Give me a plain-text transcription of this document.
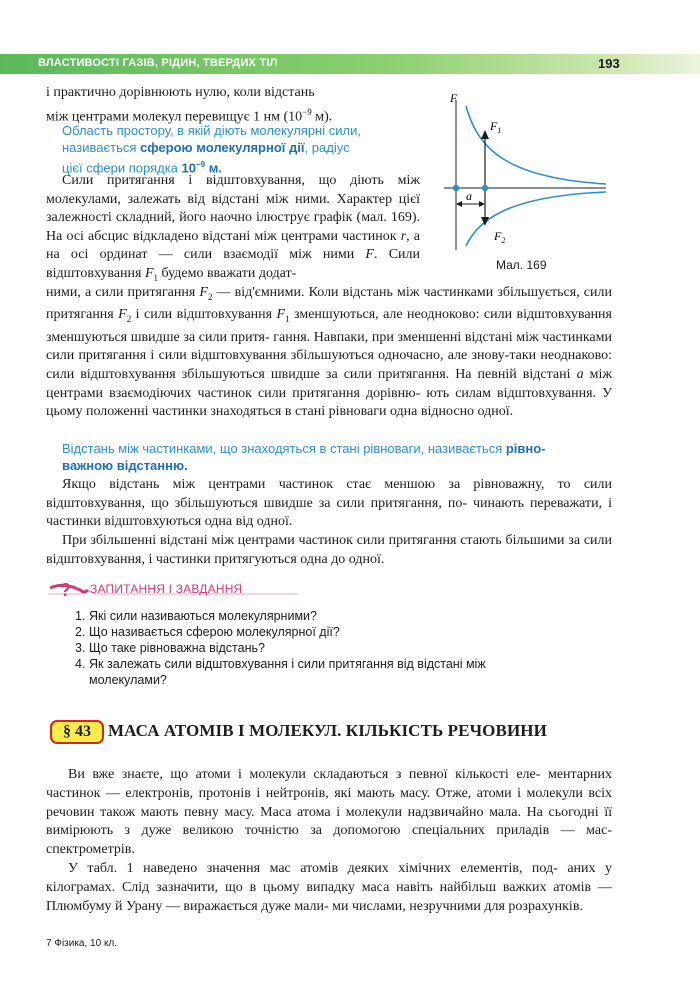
ВЛАСТИВОСТІ ГАЗІВ, РІДИН, ТВЕРДИХ ТІЛ	193

і практично дорівнюють нулю, коли відстань
між центрами молекул перевищує 1 нм ($10^{-9}$ м).

Область простору, в якій діють молекулярні сили,
називається сферою молекулярної дії, радіус
цієї сфери порядка $10^{-9}$ м.

Сили притягання і відштовхування, що діють між молекулами, залежать від відстані між ними. Характер цієї залежності складний, його наочно ілюструє графік (мал. 169). На осі абсцис відкладено відстані між центрами частинок r, а на осі ординат — сили взаємодії між ними F. Сили відштовхування $F_1$ будемо вважати додат-

ними, а сили притягання $F_2$ — від'ємними. Коли відстань між частинками збільшується, сили притягання $F_2$ і сили відштовхування $F_1$ зменшуються, але неодноково: сили відштовхування зменшуються швидше за сили притя- гання. Навпаки, при зменшенні відстані між частинками сили притягання і сили відштовхування збільшуються одночасно, але знову-таки неоднаково: сили відштовхування збільшуються швидше за сили притягання. На певній відстані a між центрами взаємодіючих частинок сили притягання дорівню- ють силам відштовхування. У цьому положенні частинки знаходяться в стані рівноваги одна відносно одної.

Відстань між частинками, що знаходяться в стані рівноваги, називається рівно-
важною відстанню.

Якщо відстань між центрами частинок стає меншою за рівноважну, то сили відштовхування, що збільшуються швидше за сили притягання, по- чинають переважати, і частинки відштовхуються одна від одної.

При збільшенні відстані між центрами частинок сили притягання стають більшими за сили відштовхування, і частинки притягуються одна до одної.

F
$F_1$
$F_2$
a
Мал. 169
? ЗАПИТАННЯ І ЗАВДАННЯ
1. Які сили називаються молекулярними?
2. Що називається сферою молекулярної дії?
3. Що таке рівноважна відстань?
4. Як залежать сили відштовхування і сили притягання від відстані між
молекулами?
§ 43	МАСА АТОМІВ І МОЛЕКУЛ. КІЛЬКІСТЬ РЕЧОВИНИ

Ви вже знаєте, що атоми і молекули складаються з певної кількості еле- ментарних частинок — електронів, протонів і нейтронів, які мають масу. Отже, атоми і молекули всіх речовин також мають певну масу. Маса атома і молекули надзвичайно мала. На сьогодні її вимірюють з дуже великою точністю за допомогою спеціальних приладів — мас-спектрометрів.

У табл. 1 наведено значення мас атомів деяких хімічних елементів, под- аних у кілограмах. Слід зазначити, що в цьому випадку маса навіть найбільш важких атомів — Плюмбуму й Урану — виражається дуже мали- ми числами, незручними для розрахунків.

7 Фізика, 10 кл.
